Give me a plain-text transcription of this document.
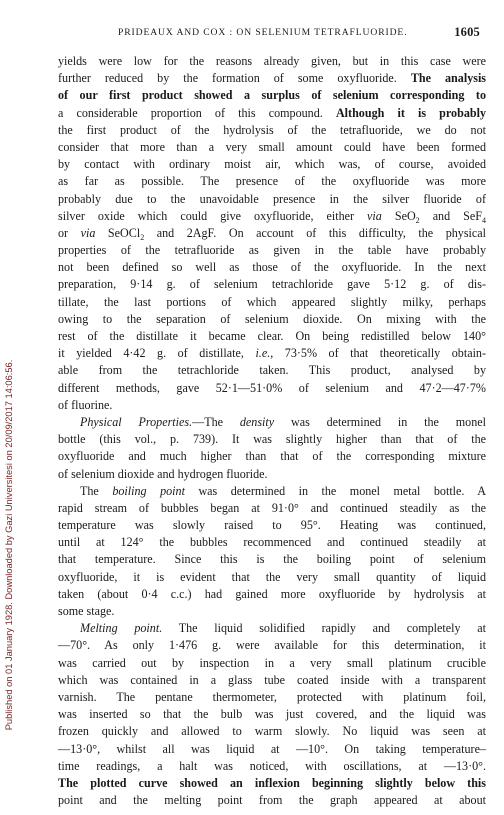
PRIDEAUX AND COX : ON SELENIUM TETRAFLUORIDE.	1605
Published on 01 January 1928. Downloaded by Gazi Universitesi on 20/09/2017 14:06:56.
yields were low for the reasons already given, but in this case were
further reduced by the formation of some oxyfluoride. The analysis
of our first product showed a surplus of selenium corresponding to
a considerable proportion of this compound. Although it is probably
the first product of the hydrolysis of the tetrafluoride, we do not
consider that more than a very small amount could have been formed
by contact with ordinary moist air, which was, of course, avoided
as far as possible. The presence of the oxyfluoride was more
probably due to the unavoidable presence in the silver fluoride of
silver oxide which could give oxyfluoride, either via SeO$_2$ and SeF$_4$
or via SeOCl$_2$ and 2AgF. On account of this difficulty, the physical
properties of the tetrafluoride as given in the table have probably
not been defined so well as those of the oxyfluoride. In the next
preparation, 9·14 g. of selenium tetrachloride gave 5·12 g. of dis-
tillate, the last portions of which appeared slightly milky, perhaps
owing to the separation of selenium dioxide. On mixing with the
rest of the distillate it became clear. On being redistilled below 140°
it yielded 4·42 g. of distillate, i.e., 73·5% of that theoretically obtain-
able from the tetrachloride taken. This product, analysed by
different methods, gave 52·1—51·0% of selenium and 47·2—47·7%
of fluorine.
Physical Properties.—The density was determined in the monel
bottle (this vol., p. 739). It was slightly higher than that of the
oxyfluoride and much higher than that of the corresponding mixture
of selenium dioxide and hydrogen fluoride.
The boiling point was determined in the monel metal bottle. A
rapid stream of bubbles began at 91·0° and continued steadily as the
temperature was slowly raised to 95°. Heating was continued,
until at 124° the bubbles recommenced and continued steadily at
that temperature. Since this is the boiling point of selenium
oxyfluoride, it is evident that the very small quantity of liquid
taken (about 0·4 c.c.) had gained more oxyfluoride by hydrolysis at
some stage.
Melting point. The liquid solidified rapidly and completely at
—70°. As only 1·476 g. were available for this determination, it
was carried out by inspection in a very small platinum crucible
which was contained in a glass tube coated inside with a transparent
varnish. The pentane thermometer, protected with platinum foil,
was inserted so that the bulb was just covered, and the liquid was
frozen quickly and allowed to warm slowly. No liquid was seen at
—13·0°, whilst all was liquid at —10°. On taking temperature–
time readings, a halt was noticed, with oscillations, at —13·0°.
The plotted curve showed an inflexion beginning slightly below this
point and the melting point from the graph appeared at about
